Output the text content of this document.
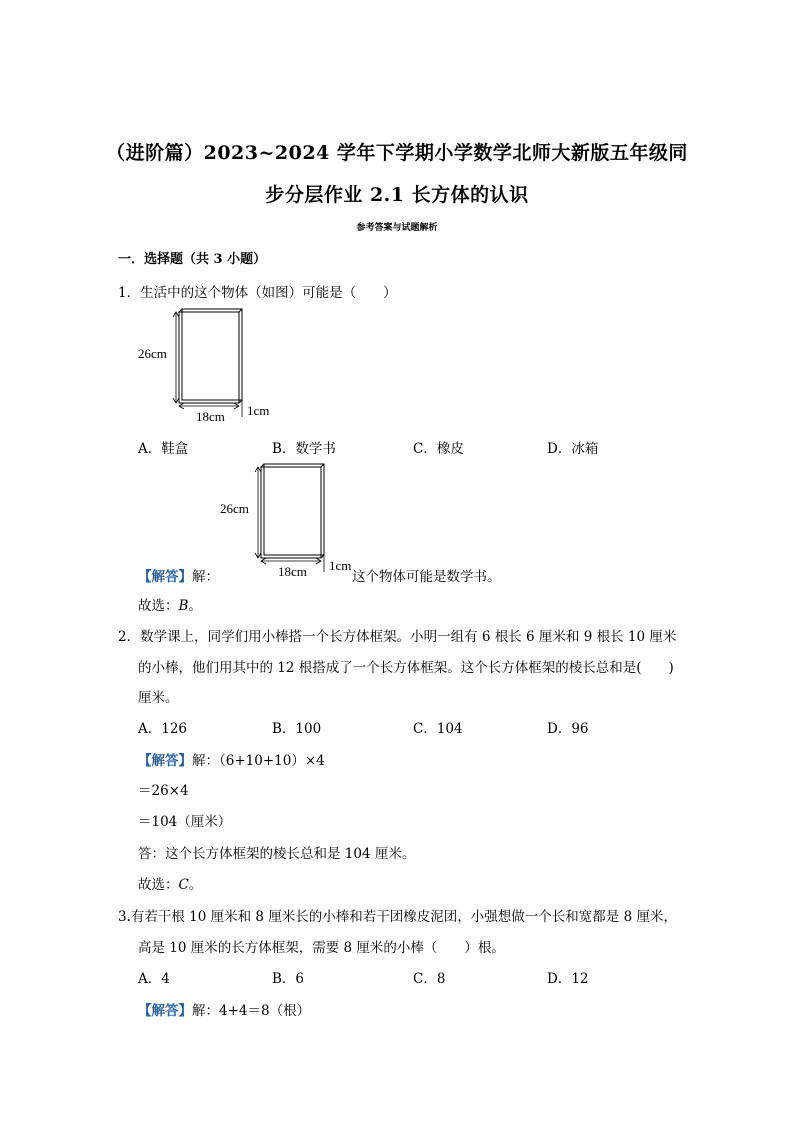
（进阶篇）2023~2024 学年下学期小学数学北师大新版五年级同
步分层作业 2.1 长方体的认识
参考答案与试题解析
一．选择题（共 3 小题）
1．生活中的这个物体（如图）可能是（　　）
26cm
18cm 1cm
A．鞋盒	B．数学书	C．橡皮	D．冰箱
26cm
18cm 1cm
【解答】解：	这个物体可能是数学书。
故选：B。
2．数学课上，同学们用小棒搭一个长方体框架。小明一组有 6 根长 6 厘米和 9 根长 10 厘米
的小棒，他们用其中的 12 根搭成了一个长方体框架。这个长方体框架的棱长总和是(　　)
厘米。
A．126	B．100	C．104	D．96
【解答】解：（6+10+10）×4
＝26×4
＝104（厘米）
答：这个长方体框架的棱长总和是 104 厘米。
故选：C。
3.有若干根 10 厘米和 8 厘米长的小棒和若干团橡皮泥团，小强想做一个长和宽都是 8 厘米，
高是 10 厘米的长方体框架，需要 8 厘米的小棒（　　）根。
A．4	B．6	C．8	D．12
【解答】解：4+4＝8（根）
